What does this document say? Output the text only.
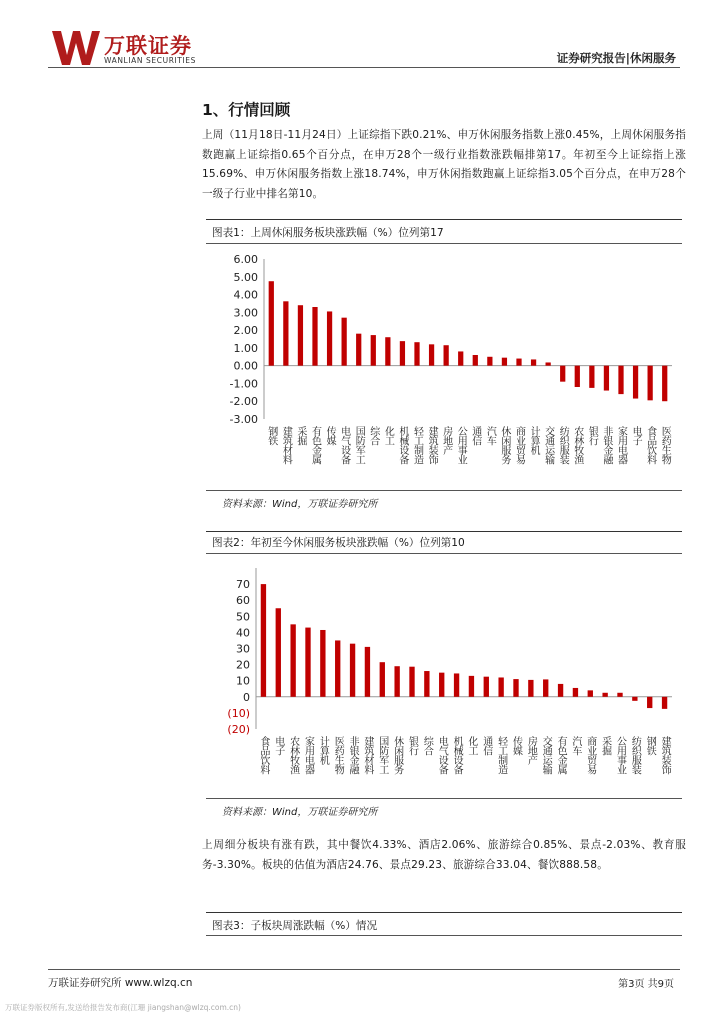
万联证券
WANLIAN SECURITIES	证券研究报告|休闲服务
1、行情回顾
上周（11月18日-11月24日）上证综指下跌0.21%、申万休闲服务指数上涨0.45%，上周休闲服务指数跑赢上证综指0.65个百分点，在申万28个一级行业指数涨跌幅排第17。年初至今上证综指上涨15.69%、申万休闲服务指数上涨18.74%，申万休闲指数跑赢上证综指3.05个百分点，在申万28个一级子行业中排名第10。
图表1：上周休闲服务板块涨跌幅（%）位列第17
6.00
5.00
4.00
3.00
2.00
1.00
0.00
-1.00
-2.00
-3.00
钢铁 建筑材料 采掘 有色金属 传媒 电气设备 国防军工 综合 化工 机械设备 轻工制造 建筑装饰 房地产 公用事业 通信 汽车 休闲服务 商业贸易 计算机 交通运输 纺织服装 农林牧渔 银行 非银金融 家用电器 电子 食品饮料 医药生物
资料来源：Wind，万联证券研究所
图表2：年初至今休闲服务板块涨跌幅（%）位列第10
70
60
50
40
30
20
10
0
(10)
(20)
食品饮料 电子 农林牧渔 家用电器 计算机 医药生物 非银金融 建筑材料 国防军工 休闲服务 银行 综合 电气设备 机械设备 化工 通信 轻工制造 传媒 房地产 交通运输 有色金属 汽车 商业贸易 采掘 公用事业 纺织服装 钢铁 建筑装饰
资料来源：Wind，万联证券研究所
上周细分板块有涨有跌，其中餐饮4.33%、酒店2.06%、旅游综合0.85%、景点-2.03%、教育服务-3.30%。板块的估值为酒店24.76、景点29.23、旅游综合33.04、餐饮888.58。
图表3：子板块周涨跌幅（%）情况
万联证券研究所 www.wlzq.cn	第3页 共9页
万联证券版权所有,发送给报告发布商(江珊 jiangshan@wlzq.com.cn)
